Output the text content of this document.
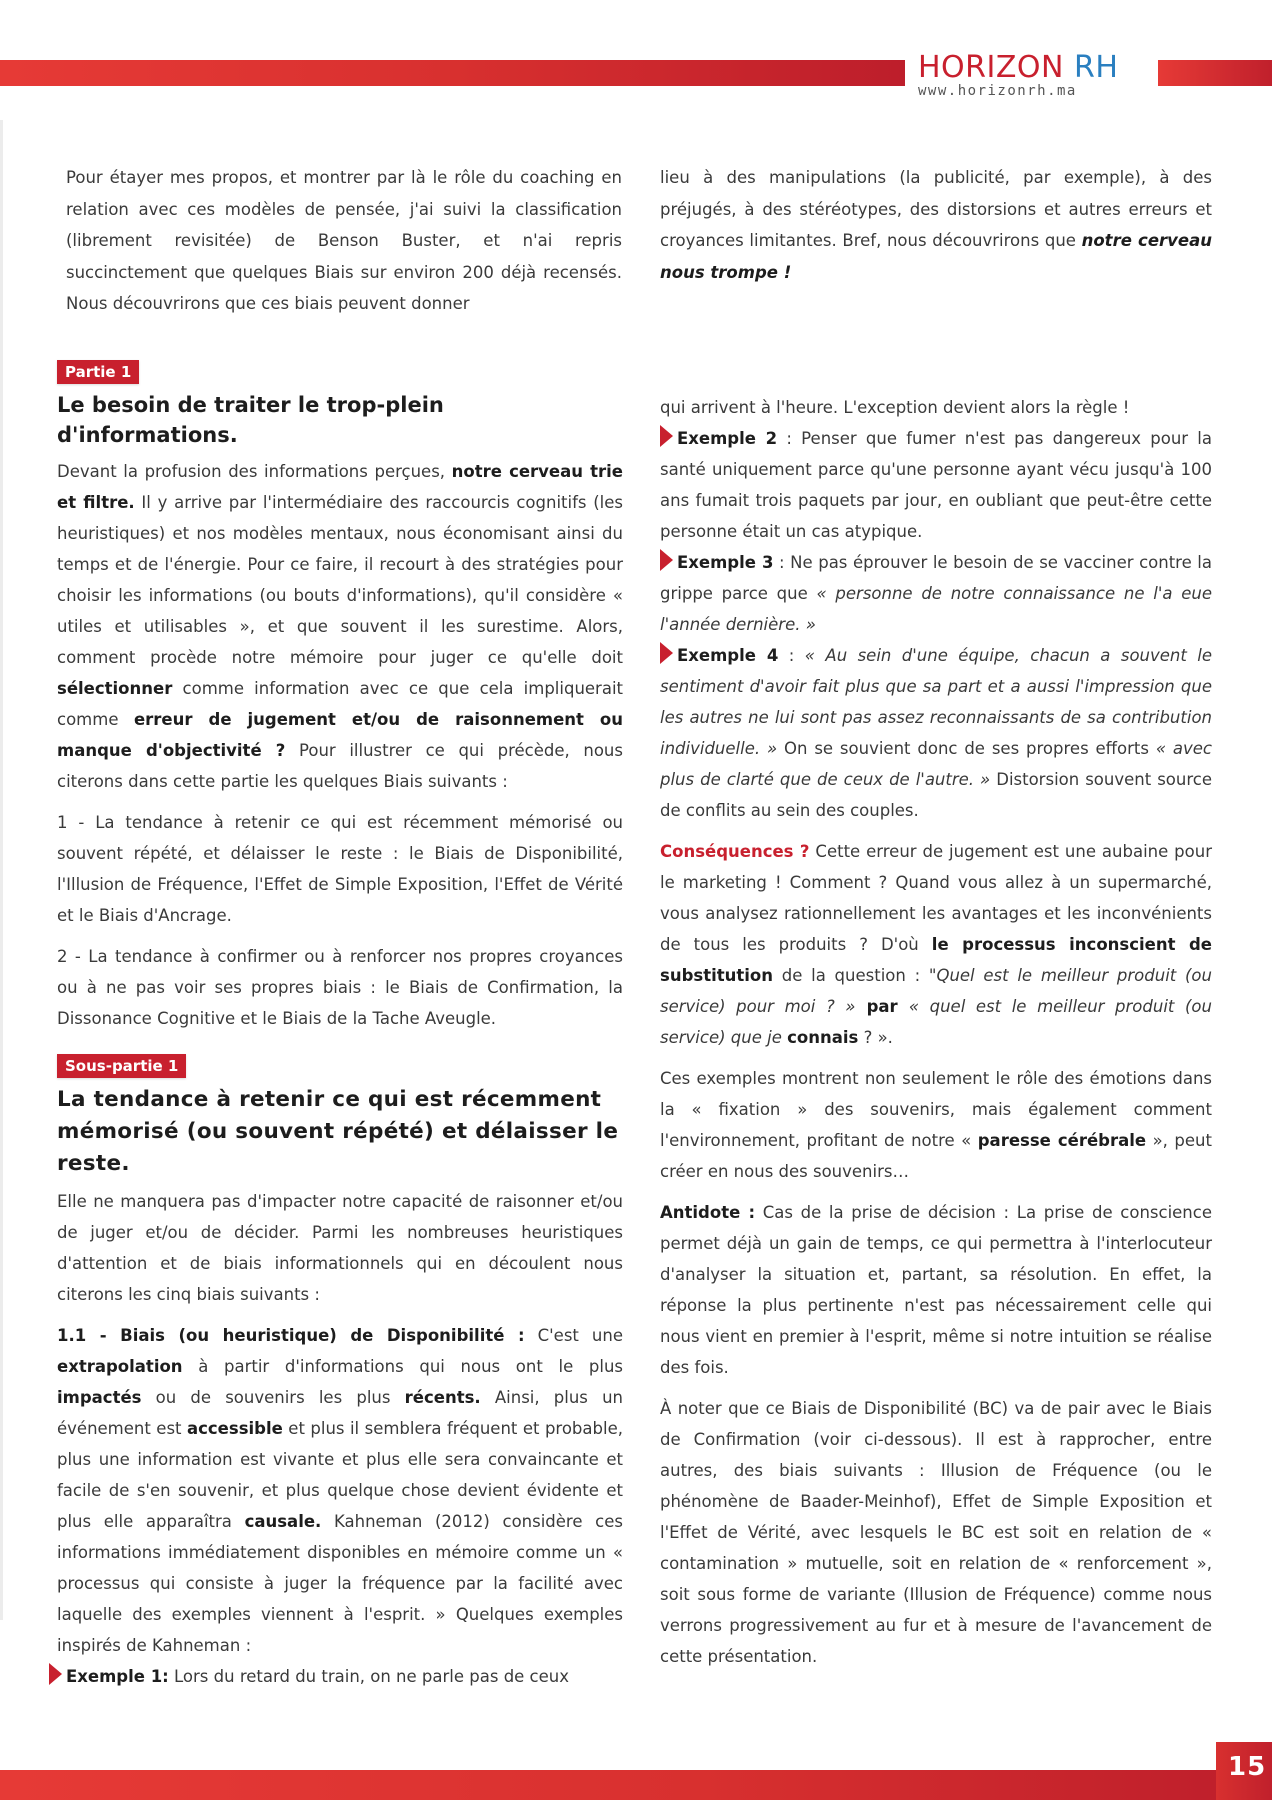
HORIZON RH
www.horizonrh.ma

Pour étayer mes propos, et montrer par là le rôle du coaching en relation avec ces modèles de pensée, j'ai suivi la classification (librement revisitée) de Benson Buster, et n'ai repris succinctement que quelques Biais sur environ 200 déjà recensés. Nous découvrirons que ces biais peuvent donner

lieu à des manipulations (la publicité, par exemple), à des préjugés, à des stéréotypes, des distorsions et autres erreurs et croyances limitantes. Bref, nous découvrirons que notre cerveau nous trompe !

Partie 1
Le besoin de traiter le trop-plein d'informations.

Devant la profusion des informations perçues, notre cerveau trie et filtre. Il y arrive par l'intermédiaire des raccourcis cognitifs (les heuristiques) et nos modèles mentaux, nous économisant ainsi du temps et de l'énergie. Pour ce faire, il recourt à des stratégies pour choisir les informations (ou bouts d'informations), qu'il considère « utiles et utilisables », et que souvent il les surestime. Alors, comment procède notre mémoire pour juger ce qu'elle doit sélectionner comme information avec ce que cela impliquerait comme erreur de jugement et/ou de raisonnement ou manque d'objectivité ? Pour illustrer ce qui précède, nous citerons dans cette partie les quelques Biais suivants :

1 - La tendance à retenir ce qui est récemment mémorisé ou souvent répété, et délaisser le reste : le Biais de Disponibilité, l'Illusion de Fréquence, l'Effet de Simple Exposition, l'Effet de Vérité et le Biais d'Ancrage.

2 - La tendance à confirmer ou à renforcer nos propres croyances ou à ne pas voir ses propres biais : le Biais de Confirmation, la Dissonance Cognitive et le Biais de la Tache Aveugle.

Sous-partie 1
La tendance à retenir ce qui est récemment mémorisé (ou souvent répété) et délaisser le reste.

Elle ne manquera pas d'impacter notre capacité de raisonner et/ou de juger et/ou de décider. Parmi les nombreuses heuristiques d'attention et de biais informationnels qui en découlent nous citerons les cinq biais suivants :

1.1 - Biais (ou heuristique) de Disponibilité : C'est une extrapolation à partir d'informations qui nous ont le plus impactés ou de souvenirs les plus récents. Ainsi, plus un événement est accessible et plus il semblera fréquent et probable, plus une information est vivante et plus elle sera convaincante et facile de s'en souvenir, et plus quelque chose devient évidente et plus elle apparaîtra causale. Kahneman (2012) considère ces informations immédiatement disponibles en mémoire comme un « processus qui consiste à juger la fréquence par la facilité avec laquelle des exemples viennent à l'esprit. » Quelques exemples inspirés de Kahneman :

Exemple 1: Lors du retard du train, on ne parle pas de ceux

qui arrivent à l'heure. L'exception devient alors la règle !

Exemple 2 : Penser que fumer n'est pas dangereux pour la santé uniquement parce qu'une personne ayant vécu jusqu'à 100 ans fumait trois paquets par jour, en oubliant que peut-être cette personne était un cas atypique.

Exemple 3 : Ne pas éprouver le besoin de se vacciner contre la grippe parce que « personne de notre connaissance ne l'a eue l'année dernière. »

Exemple 4 : « Au sein d'une équipe, chacun a souvent le sentiment d'avoir fait plus que sa part et a aussi l'impression que les autres ne lui sont pas assez reconnaissants de sa contribution individuelle. » On se souvient donc de ses propres efforts « avec plus de clarté que de ceux de l'autre. » Distorsion souvent source de conflits au sein des couples.

Conséquences ? Cette erreur de jugement est une aubaine pour le marketing ! Comment ? Quand vous allez à un supermarché, vous analysez rationnellement les avantages et les inconvénients de tous les produits ? D'où le processus inconscient de substitution de la question : "Quel est le meilleur produit (ou service) pour moi ? » par « quel est le meilleur produit (ou service) que je connais ? ».

Ces exemples montrent non seulement le rôle des émotions dans la « fixation » des souvenirs, mais également comment l'environnement, profitant de notre « paresse cérébrale », peut créer en nous des souvenirs…

Antidote : Cas de la prise de décision : La prise de conscience permet déjà un gain de temps, ce qui permettra à l'interlocuteur d'analyser la situation et, partant, sa résolution. En effet, la réponse la plus pertinente n'est pas nécessairement celle qui nous vient en premier à l'esprit, même si notre intuition se réalise des fois.

À noter que ce Biais de Disponibilité (BC) va de pair avec le Biais de Confirmation (voir ci-dessous). Il est à rapprocher, entre autres, des biais suivants : Illusion de Fréquence (ou le phénomène de Baader-Meinhof), Effet de Simple Exposition et l'Effet de Vérité, avec lesquels le BC est soit en relation de « contamination » mutuelle, soit en relation de « renforcement », soit sous forme de variante (Illusion de Fréquence) comme nous verrons progressivement au fur et à mesure de l'avancement de cette présentation.

15
